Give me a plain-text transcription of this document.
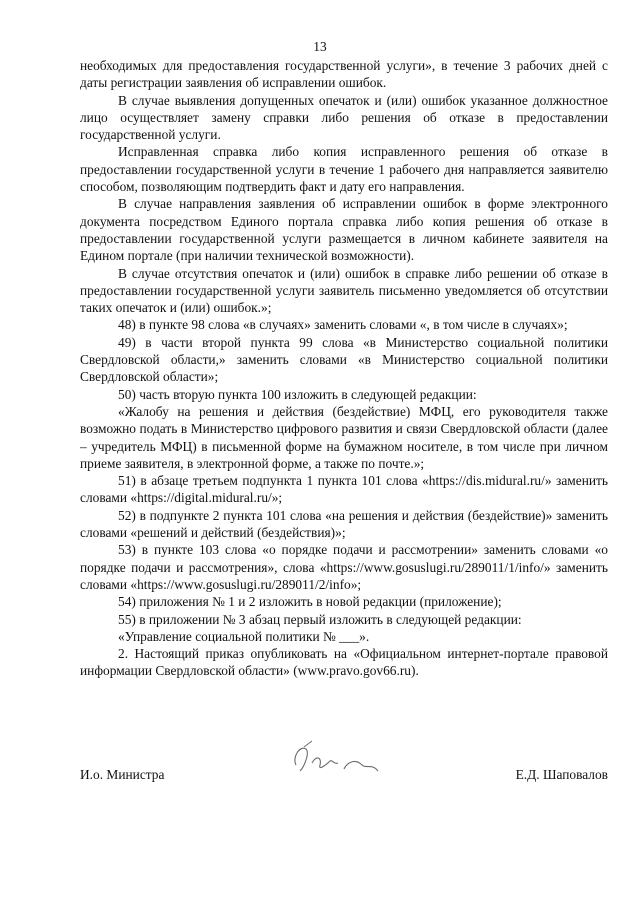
13

необходимых для предоставления государственной услуги», в течение 3 рабочих дней с даты регистрации заявления об исправлении ошибок.

В случае выявления допущенных опечаток и (или) ошибок указанное должностное лицо осуществляет замену справки либо решения об отказе в предоставлении государственной услуги.

Исправленная справка либо копия исправленного решения об отказе в предоставлении государственной услуги в течение 1 рабочего дня направляется заявителю способом, позволяющим подтвердить факт и дату его направления.

В случае направления заявления об исправлении ошибок в форме электронного документа посредством Единого портала справка либо копия решения об отказе в предоставлении государственной услуги размещается в личном кабинете заявителя на Едином портале (при наличии технической возможности).

В случае отсутствия опечаток и (или) ошибок в справке либо решении об отказе в предоставлении государственной услуги заявитель письменно уведомляется об отсутствии таких опечаток и (или) ошибок.»;

48) в пункте 98 слова «в случаях» заменить словами «, в том числе в случаях»;

49) в части второй пункта 99 слова «в Министерство социальной политики Свердловской области,» заменить словами «в Министерство социальной политики Свердловской области»;

50) часть вторую пункта 100 изложить в следующей редакции:

«Жалобу на решения и действия (бездействие) МФЦ, его руководителя также возможно подать в Министерство цифрового развития и связи Свердловской области (далее – учредитель МФЦ) в письменной форме на бумажном носителе, в том числе при личном приеме заявителя, в электронной форме, а также по почте.»;

51) в абзаце третьем подпункта 1 пункта 101 слова «https://dis.midural.ru/» заменить словами «https://digital.midural.ru/»;

52) в подпункте 2 пункта 101 слова «на решения и действия (бездействие)» заменить словами «решений и действий (бездействия)»;

53) в пункте 103 слова «о порядке подачи и рассмотрении» заменить словами «о порядке подачи и рассмотрения», слова «https://www.gosuslugi.ru/289011/1/info/» заменить словами «https://www.gosuslugi.ru/289011/2/info»;

54) приложения № 1 и 2 изложить в новой редакции (приложение);

55) в приложении № 3 абзац первый изложить в следующей редакции:

«Управление социальной политики № ___».

2. Настоящий приказ опубликовать на «Официальном интернет-портале правовой информации Свердловской области» (www.pravo.gov66.ru).

И.о. Министра	Е.Д. Шаповалов
